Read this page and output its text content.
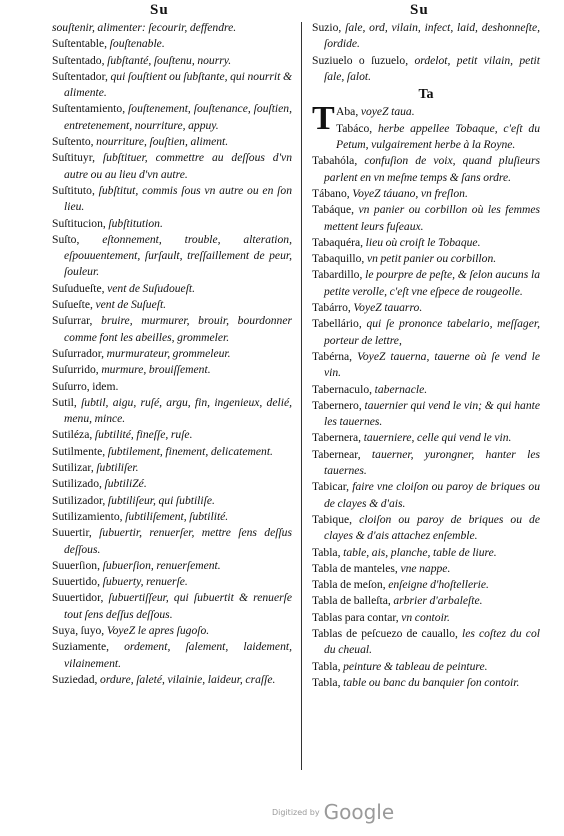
Su	Su

souſtenir, alimenter: ſecourir, deffendre.

Suſtentable, ſouſtenable.

Suſtentado, ſubſtanté, ſouſtenu, nourry.

Suſtentador, qui ſouſtient ou ſubſtante, qui nourrit & alimente.

Suſtentamiento, ſouſtenement, ſouſtenance, ſouſtien, entretenement, nourriture, appuy.

Suſtento, nourriture, ſouſtien, aliment.

Suſtituyr, ſubſtituer, commettre au deſſous d'vn autre ou au lieu d'vn autre.

Suſtituto, ſubſtitut, commis ſous vn autre ou en ſon lieu.

Suſtitucion, ſubſtitution.

Suſto, eſtonnement, trouble, alteration, eſpouuentement, ſurſault, treſſaillement de peur, ſouleur.

Suſudueſte, vent de Suſudoueſt.

Suſueſte, vent de Suſueſt.

Suſurrar, bruire, murmurer, brouir, bourdonner comme font les abeilles, grommeler.

Suſurrador, murmurateur, grommeleur.

Suſurrido, murmure, brouiſſement.

Suſurro, idem.

Sutil, ſubtil, aigu, ruſé, argu, fin, ingenieux, delié, menu, mince.

Sutiléza, ſubtilité, fineſſe, ruſe.

Sutilmente, ſubtilement, finement, delicatement.

Sutilizar, ſubtiliſer.

Sutilizado, ſubtiliZé.

Sutilizador, ſubtiliſeur, qui ſubtiliſe.

Sutilizamiento, ſubtiliſement, ſubtilité.

Suuertir, ſubuertir, renuerſer, mettre ſens deſſus deſſous.

Suuerſion, ſubuerſion, renuerſement.

Suuertido, ſubuerty, renuerſe.

Suuertidor, ſubuertiſſeur, qui ſubuertit & renuerſe tout ſens deſſus deſſous.

Suya, ſuyo, VoyeZ le apres ſugoſo.

Suziamente, ordement, ſalement, laidement, vilainement.

Suziedad, ordure, ſaleté, vilainie, laideur, craſſe.

Suzio, ſale, ord, vilain, infect, laid, deshonneſte, ſordide.

Suziuelo o ſuzuelo, ordelot, petit vilain, petit ſale, ſalot.

Ta

T Aba, voyeZ taua.

Tabáco, herbe appellee Tobaque, c'eſt du Petum, vulgairement herbe à la Royne.

Tabahóla, confuſion de voix, quand pluſieurs parlent en vn meſme temps & ſans ordre.

Tábano, VoyeZ táuano, vn freſlon.

Tabáque, vn panier ou corbillon où les femmes mettent leurs fuſeaux.

Tabaquéra, lieu où croiſt le Tobaque.

Tabaquillo, vn petit panier ou corbillon.

Tabardillo, le pourpre de peſte, & ſelon aucuns la petite verolle, c'eſt vne eſpece de rougeolle.

Tabárro, VoyeZ tauarro.

Tabellário, qui ſe prononce tabelario, meſſager, porteur de lettre,

Tabérna, VoyeZ tauerna, tauerne où ſe vend le vin.

Tabernaculo, tabernacle.

Tabernero, tauernier qui vend le vin; & qui hante les tauernes.

Tabernera, tauerniere, celle qui vend le vin.

Tabernear, tauerner, yurongner, hanter les tauernes.

Tabicar, faire vne cloiſon ou paroy de briques ou de clayes & d'ais.

Tabique, cloiſon ou paroy de briques ou de clayes & d'ais attachez enſemble.

Tabla, table, ais, planche, table de liure.

Tabla de manteles, vne nappe.

Tabla de meſon, enſeigne d'hoſtellerie.

Tabla de balleſta, arbrier d'arbaleſte.

Tablas para contar, vn contoir.

Tablas de peſcuezo de cauallo, les coſtez du col du cheual.

Tabla, peinture & tableau de peinture.

Tabla, table ou banc du banquier ſon contoir.

$^{Digitized by}$ Google
